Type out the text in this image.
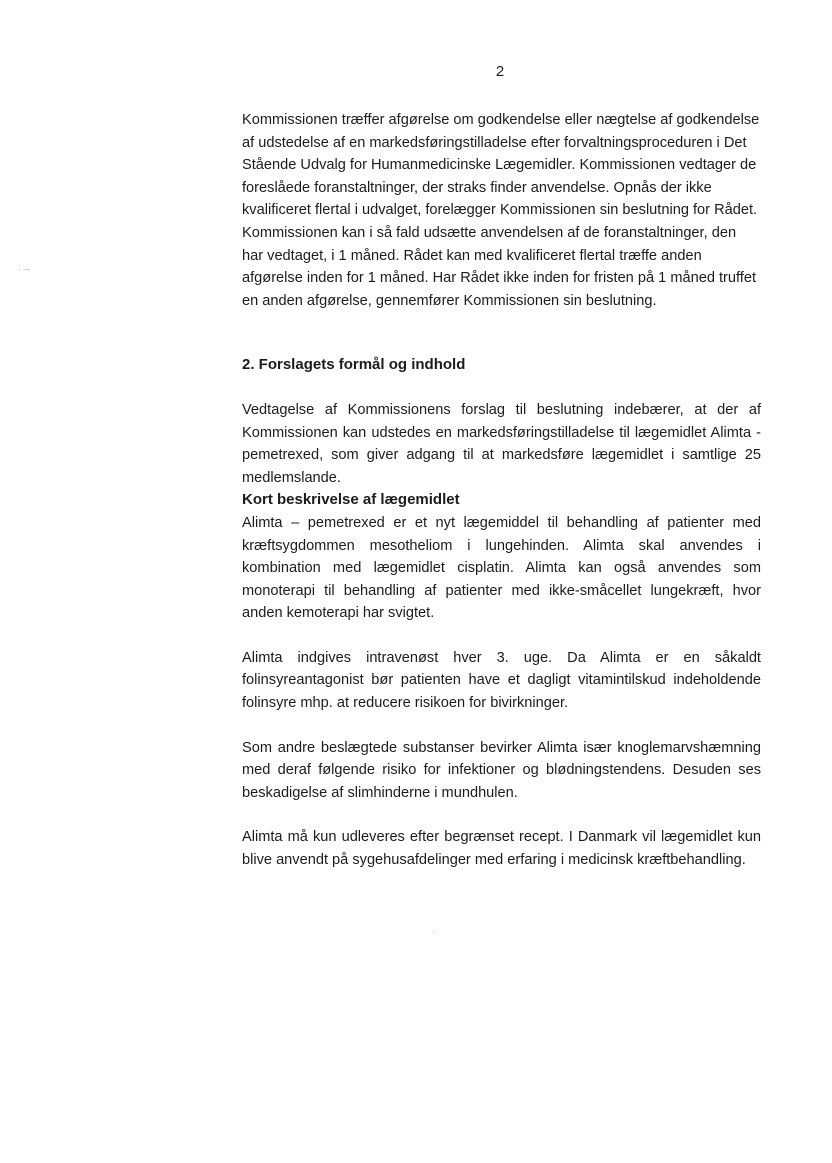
2

Kommissionen træffer afgørelse om godkendelse eller nægtelse af godkendelse af udstedelse af en markedsføringstilladelse efter forvaltningsproceduren i Det Stående Udvalg for Humanmedicinske Lægemidler. Kommissionen vedtager de foreslåede foranstaltninger, der straks finder anvendelse. Opnås der ikke kvalificeret flertal i udvalget, forelægger Kommissionen sin beslutning for Rådet. Kommissionen kan i så fald udsætte anvendelsen af de foranstaltninger, den har vedtaget, i 1 måned. Rådet kan med kvalificeret flertal træffe anden afgørelse inden for 1 måned. Har Rådet ikke inden for fristen på 1 måned truffet en anden afgørelse, gennemfører Kommissionen sin beslutning.

2. Forslagets formål og indhold

Vedtagelse af Kommissionens forslag til beslutning indebærer, at der af Kommissionen kan udstedes en markedsføringstilladelse til lægemidlet Alimta - pemetrexed, som giver adgang til at markedsføre lægemidlet i samtlige 25 medlemslande.

Kort beskrivelse af lægemidlet

Alimta – pemetrexed er et nyt lægemiddel til behandling af patienter med kræftsygdommen mesotheliom i lungehinden. Alimta skal anvendes i kombination med lægemidlet cisplatin. Alimta kan også anvendes som monoterapi til behandling af patienter med ikke-småcellet lungekræft, hvor anden kemoterapi har svigtet.

Alimta indgives intravenøst hver 3. uge. Da Alimta er en såkaldt folinsyreantagonist bør patienten have et dagligt vitamintilskud indeholdende folinsyre mhp. at reducere risikoen for bivirkninger.

Som andre beslægtede substanser bevirker Alimta især knoglemarvshæmning med deraf følgende risiko for infektioner og blødningstendens. Desuden ses beskadigelse af slimhinderne i mundhulen.

Alimta må kun udleveres efter begrænset recept. I Danmark vil lægemidlet kun blive anvendt på sygehusafdelinger med erfaring i medicinsk kræftbehandling.

· ·–
·
